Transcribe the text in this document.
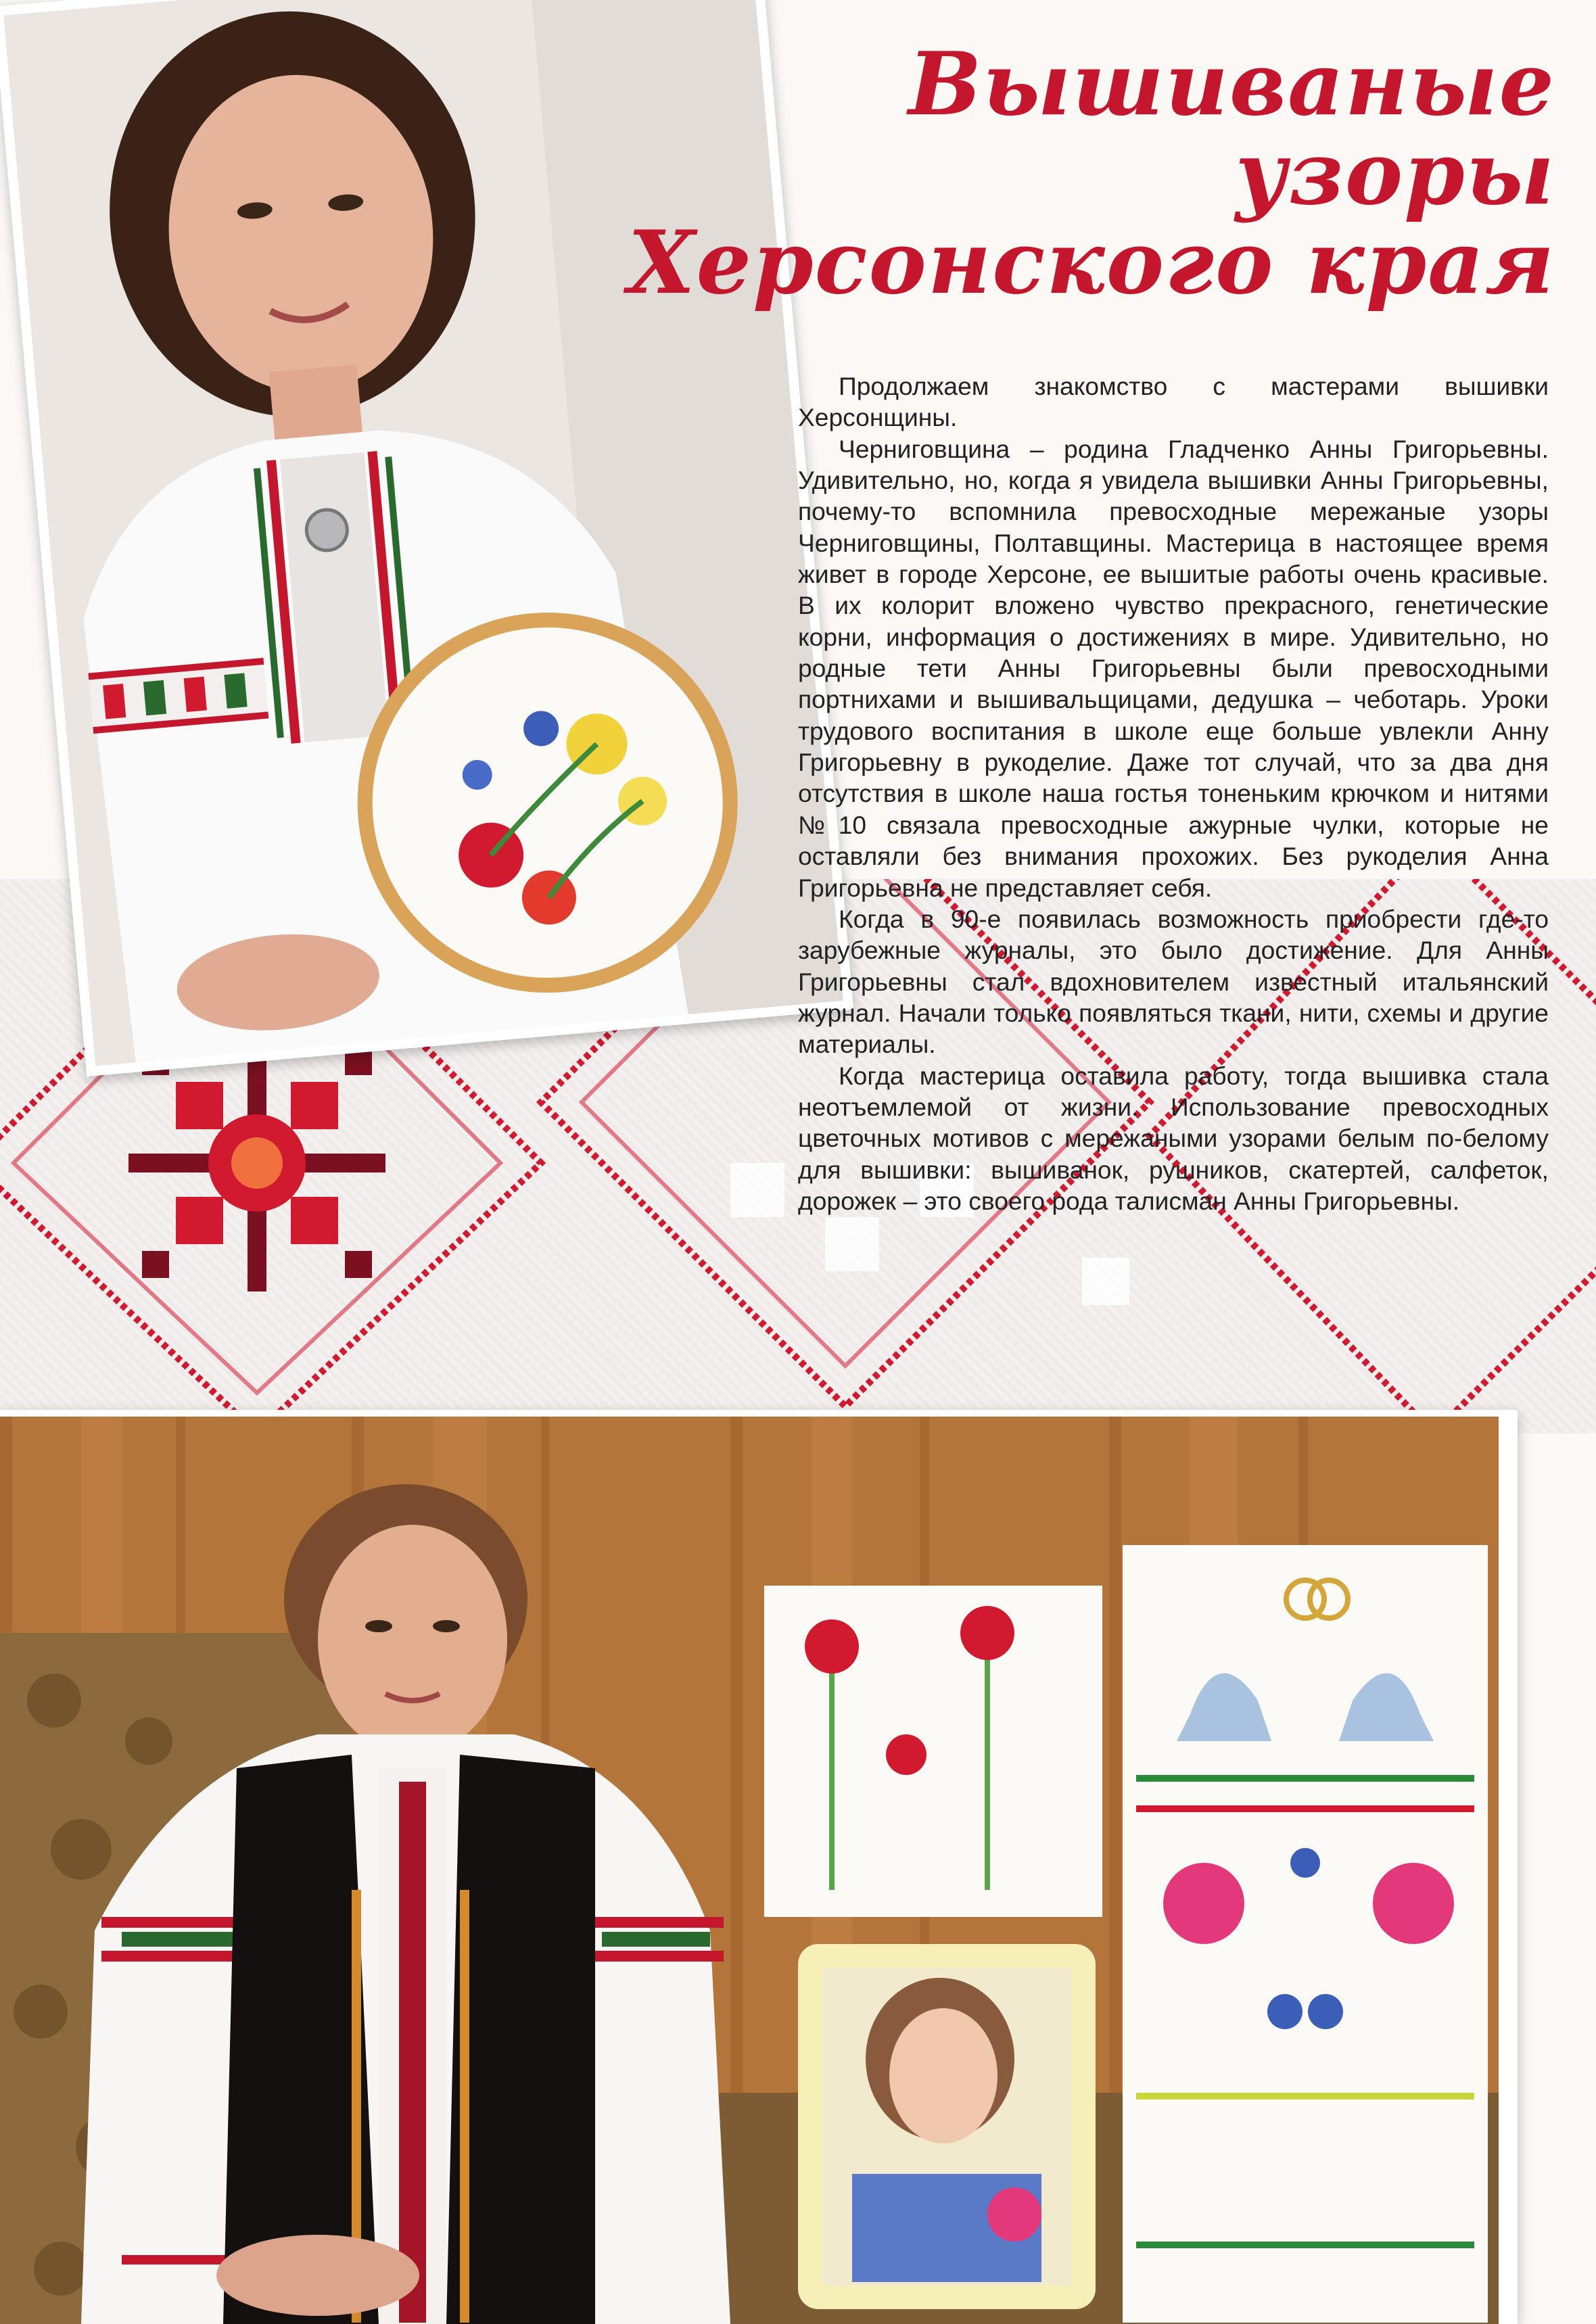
Вышиваные
узоры
Херсонского края

Продолжаем знакомство с мастерами вышивки Херсонщины.

Черниговщина – родина Гладченко Анны Григорьевны. Удивительно, но, когда я увидела вышивки Анны Григорьевны, почему-то вспомнила превосходные мережаные узоры Черниговщины, Полтавщины. Мастерица в настоящее время живет в городе Херсоне, ее вышитые работы очень красивые. В их колорит вложено чувство прекрасного, генетические корни, информация о достижениях в мире. Удивительно, но родные тети Анны Григорьевны были превосходными портнихами и вышивальщицами, дедушка – чеботарь. Уроки трудового воспитания в школе еще больше увлекли Анну Григорьевну в рукоделие. Даже тот случай, что за два дня отсутствия в школе наша гостья тоненьким крючком и нитями №10 связала превосходные ажурные чулки, которые не оставляли без внимания прохожих. Без рукоделия Анна Григорьевна не представляет себя.

Когда в 90-е появилась возможность приобрести где-то зарубежные журналы, это было достижение. Для Анны Григорьевны стал вдохновителем известный итальянский журнал. Начали только появляться ткани, нити, схемы и другие материалы.

Когда мастерица оставила работу, тогда вышивка стала неотъемлемой от жизни. Использование превосходных цветочных мотивов с мережаными узорами белым по-белому для вышивки: вышиванок, рушников, скатертей, салфеток, дорожек – это своего рода талисман Анны Григорьевны.
